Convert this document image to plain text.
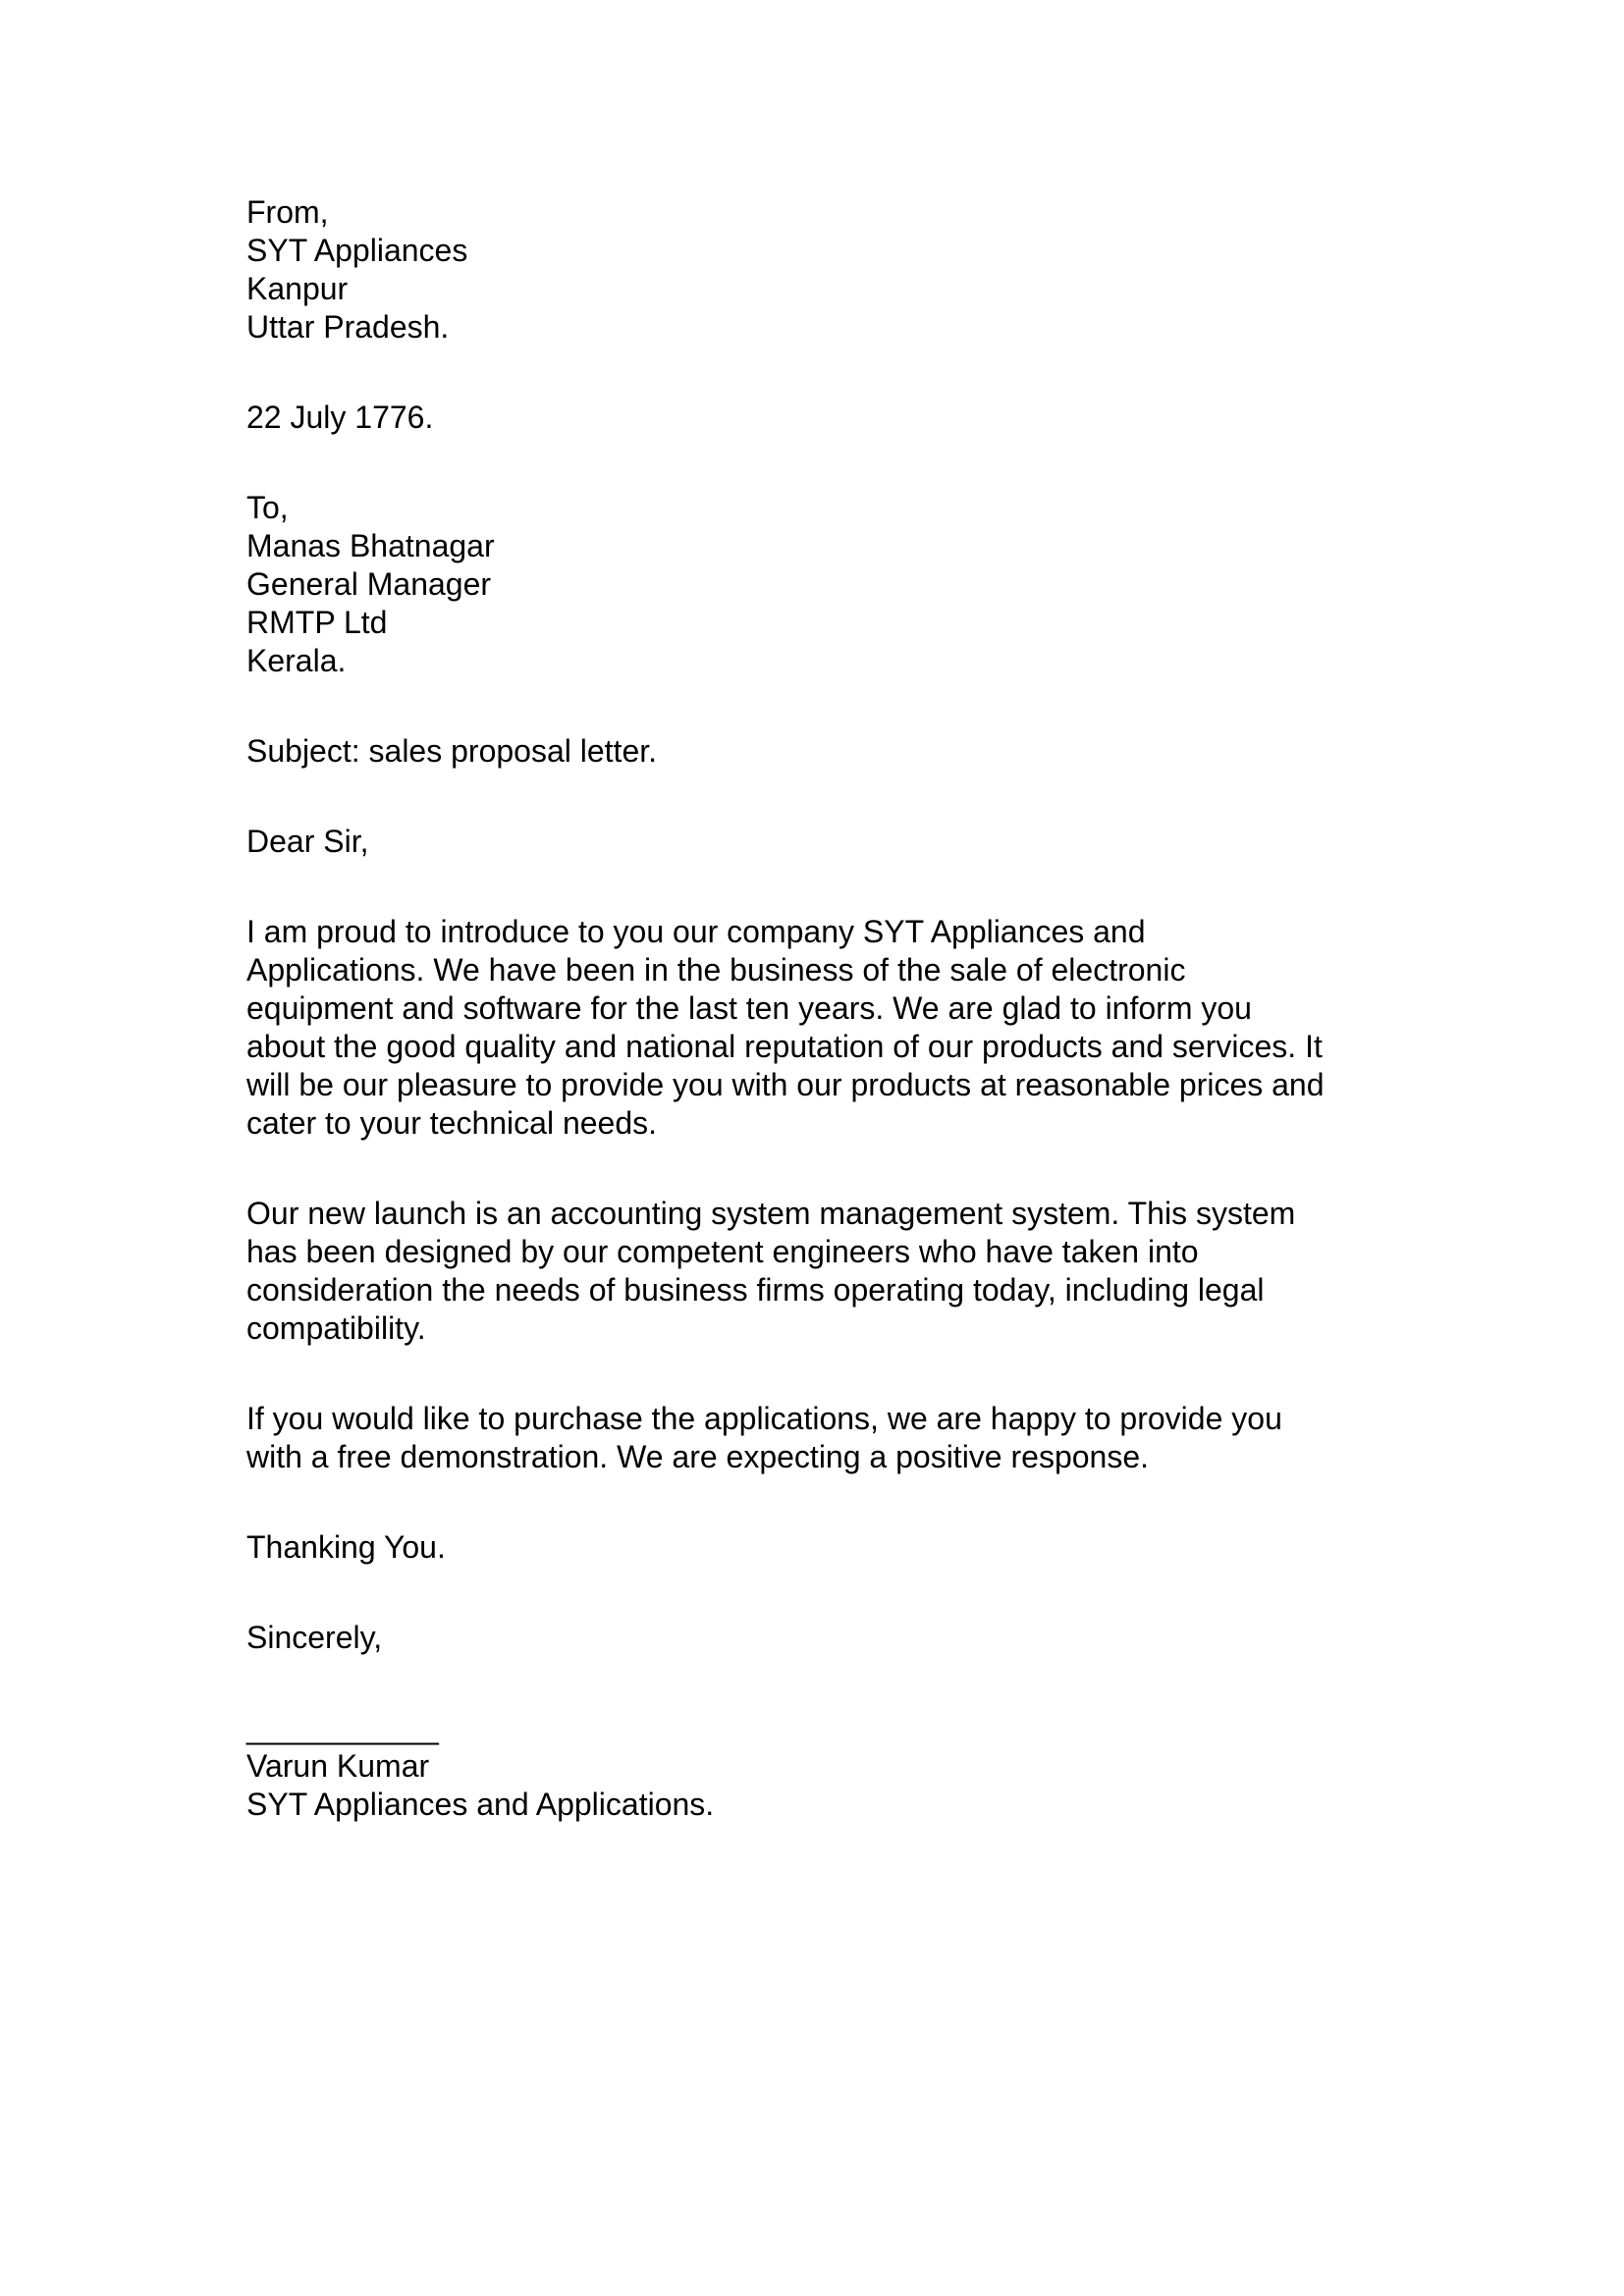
From,
SYT Appliances
Kanpur
Uttar Pradesh.
22 July 1776.
To,
Manas Bhatnagar
General Manager
RMTP Ltd
Kerala.
Subject: sales proposal letter.
Dear Sir,
I am proud to introduce to you our company SYT Appliances and
Applications. We have been in the business of the sale of electronic
equipment and software for the last ten years. We are glad to inform you
about the good quality and national reputation of our products and services. It
will be our pleasure to provide you with our products at reasonable prices and
cater to your technical needs.
Our new launch is an accounting system management system. This system
has been designed by our competent engineers who have taken into
consideration the needs of business firms operating today, including legal
compatibility.
If you would like to purchase the applications, we are happy to provide you
with a free demonstration. We are expecting a positive response.
Thanking You.
Sincerely,
___________
Varun Kumar
SYT Appliances and Applications.
